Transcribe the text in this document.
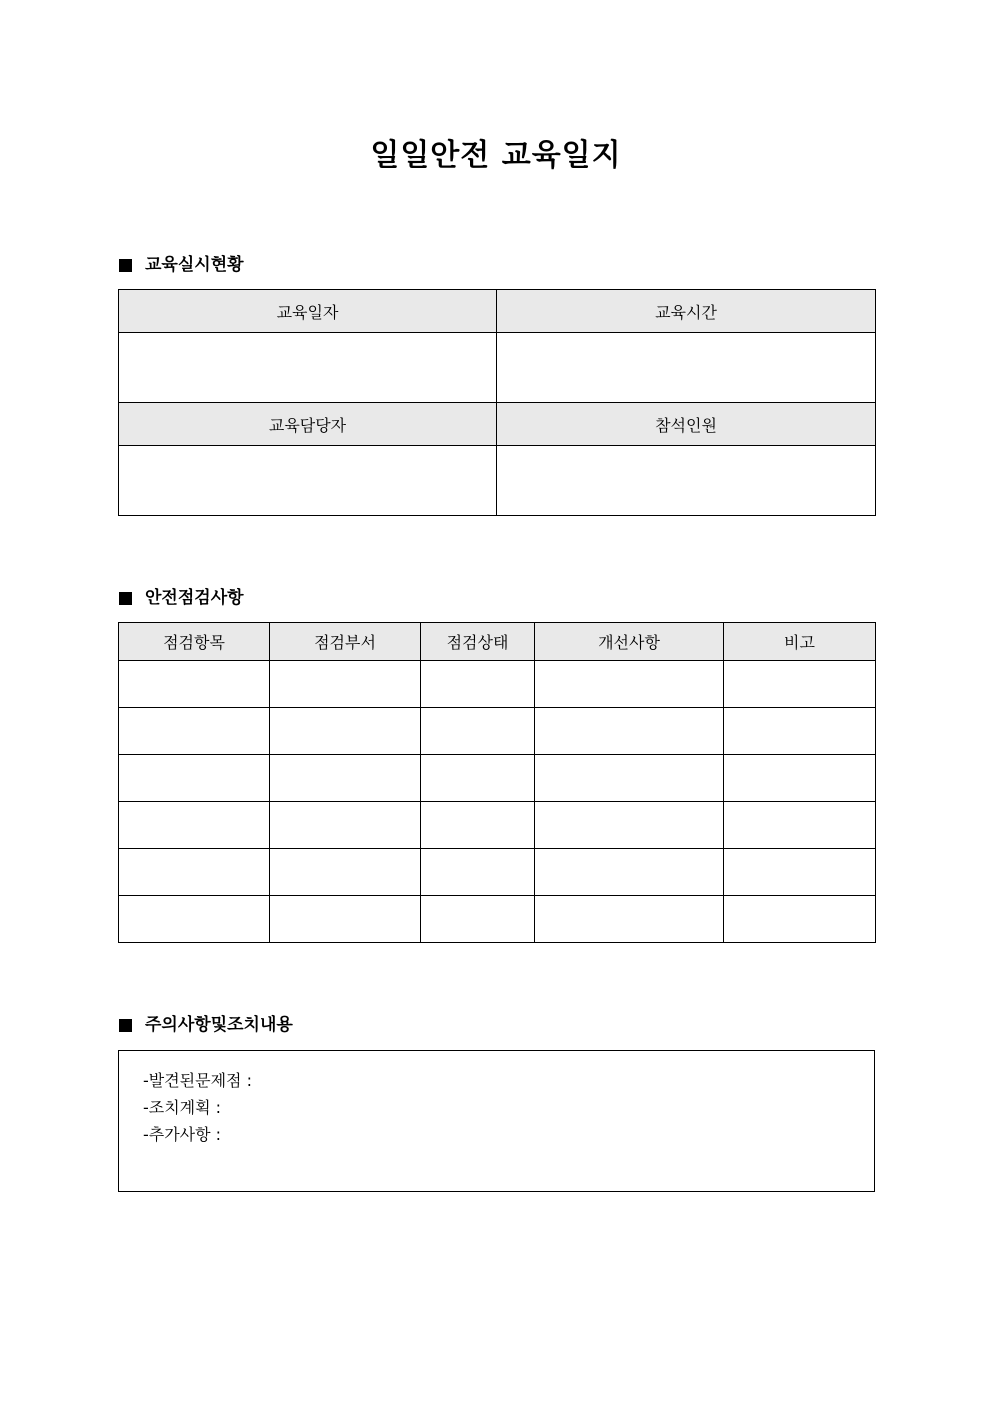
일일안전 교육일지
교육실시현황
교육일자	교육시간

교육담당자	참석인원

안전점검사항
점검항목	점검부서	점검상태	개선사항	비고

주의사항및조치내용
-발견된문제점 :
-조치계획 :
-추가사항 :
